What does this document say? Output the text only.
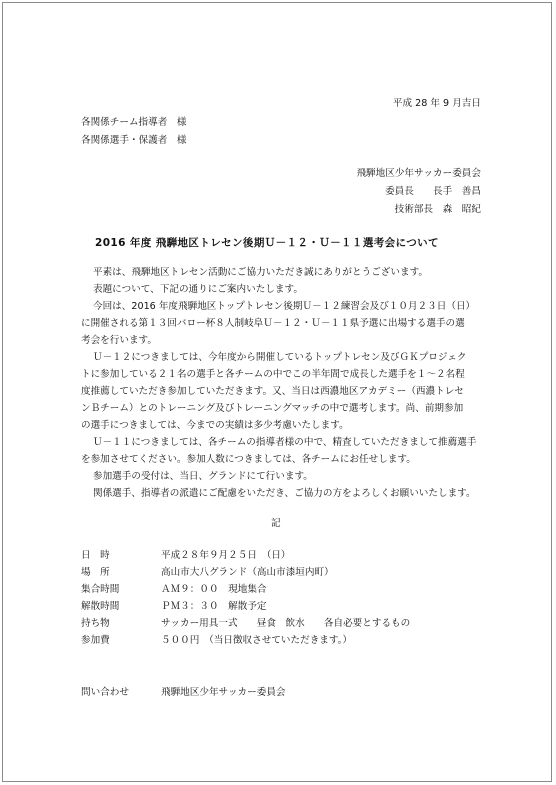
平成 28 年 9 月吉日
各関係チーム指導者　様
各関係選手・保護者　様
飛騨地区少年サッカー委員会
委員長　　長手　善昌
技術部長　森　昭紀
2016 年度 飛騨地区トレセン後期Ｕ－１２・Ｕ－１１選考会について
平素は、飛騨地区トレセン活動にご協力いただき誠にありがとうございます。
表題について、下記の通りにご案内いたします。
今回は、2016 年度飛騨地区トップトレセン後期Ｕ－１２練習会及び１０月２３日（日）
に開催される第１３回バロー杯８人制岐阜Ｕ－１２・Ｕ－１１県予選に出場する選手の選
考会を行います。
Ｕ－１２につきましては、今年度から開催しているトップトレセン及びＧＫプロジェク
トに参加している２１名の選手と各チームの中でこの半年間で成長した選手を１～２名程
度推薦していただき参加していただきます。又、当日は西濃地区アカデミー（西濃トレセ
ンＢチーム）とのトレーニング及びトレーニングマッチの中で選考します。尚、前期参加
の選手につきましては、今までの実績は多少考慮いたします。
Ｕ－１１につきましては、各チームの指導者様の中で、精査していただきまして推薦選手
を参加させてください。参加人数につきましては、各チームにお任せします。
参加選手の受付は、当日、グランドにて行います。
関係選手、指導者の派遣にご配慮をいただき、ご協力の方をよろしくお願いいたします。
記
日　時	平成２８年９月２５日　（日）
場　所	高山市大八グランド（高山市漆垣内町）
集合時間	ＡＭ９：００　現地集合
解散時間	ＰＭ３：３０　解散予定
持ち物	サッカー用具一式　　昼食　飲水　　各自必要とするもの
参加費	５００円　（当日徴収させていただきます。）
問い合わせ	飛騨地区少年サッカー委員会
